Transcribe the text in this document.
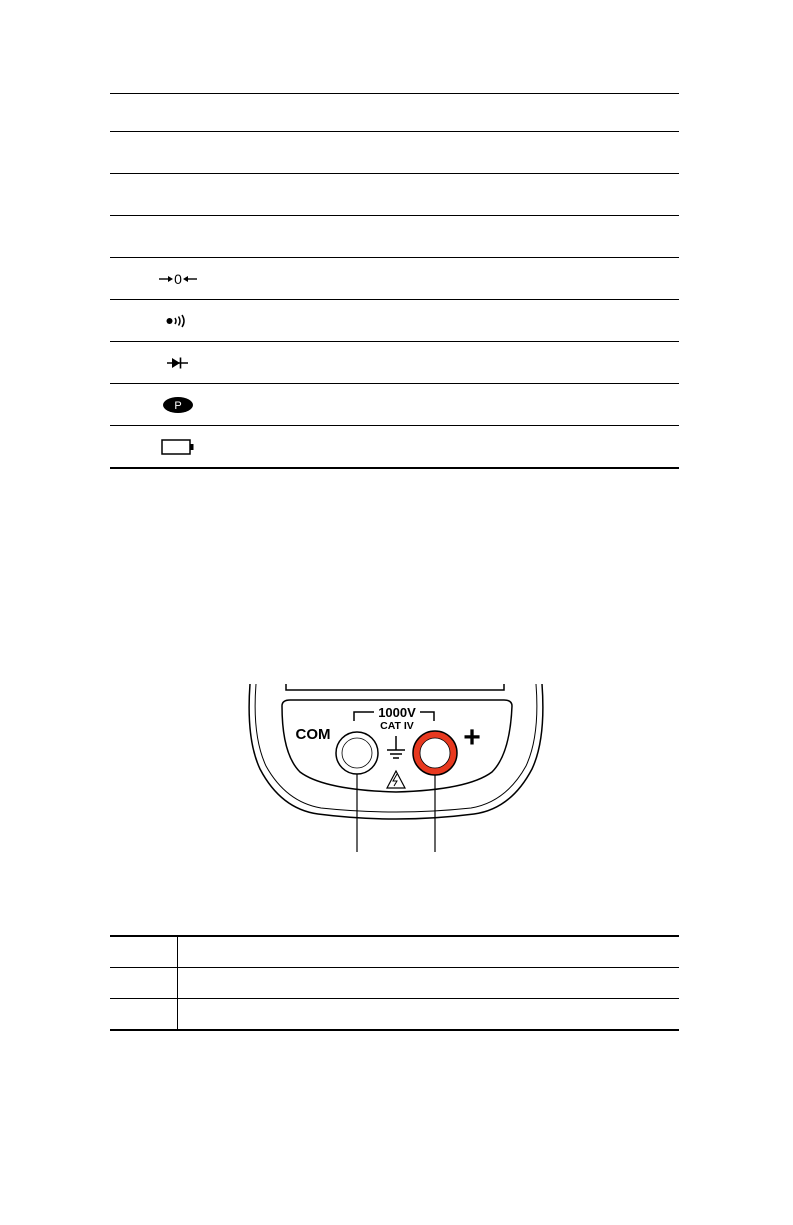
0
P
1000V
CAT IV
COM	+
